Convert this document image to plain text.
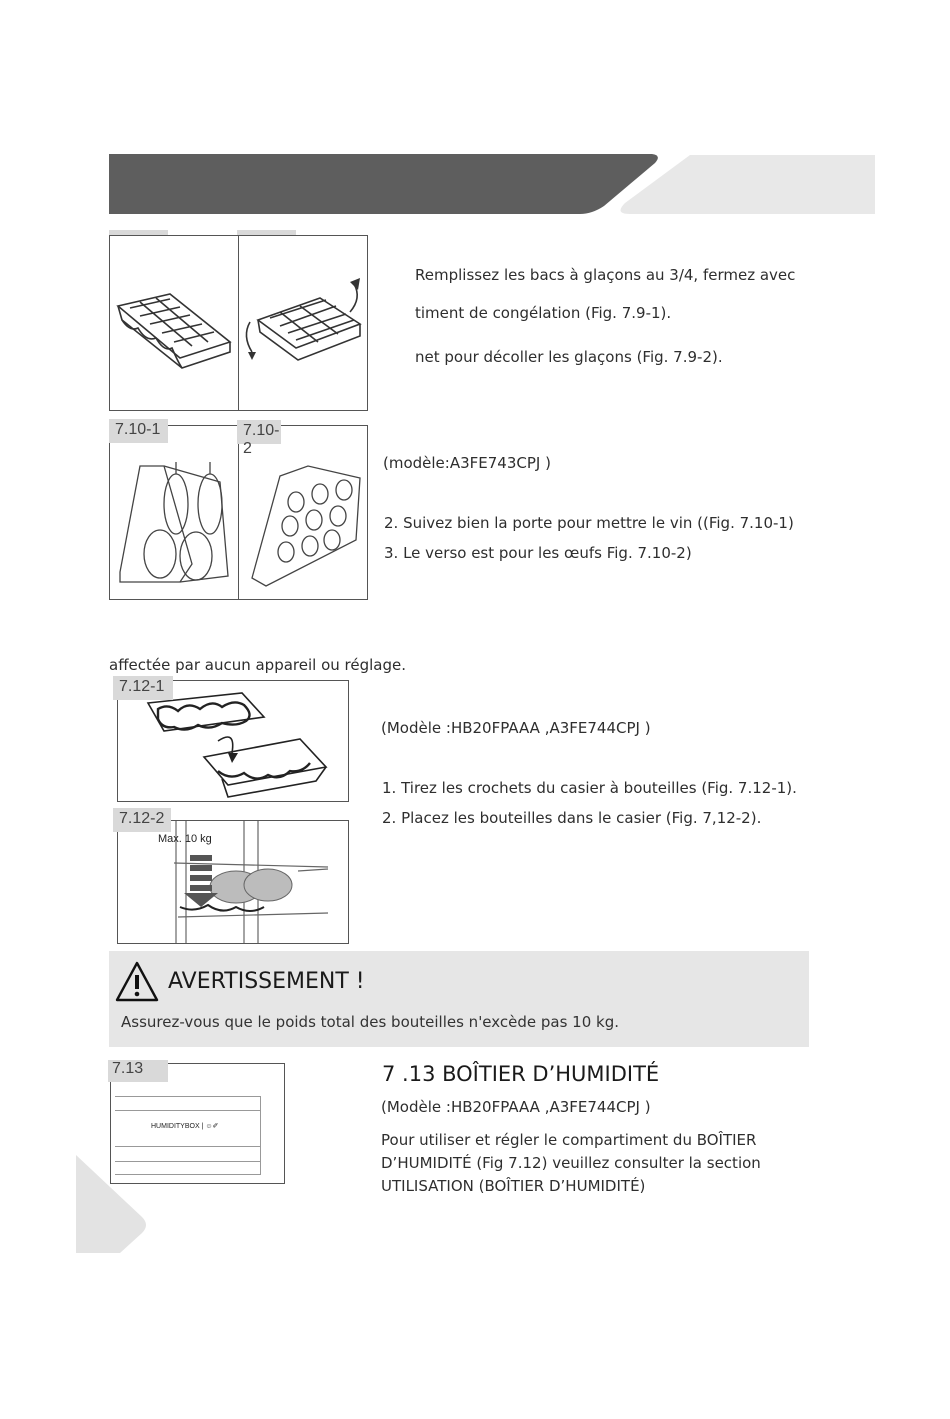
Remplissez les bacs à glaçons au 3/4, fermez avec
timent de congélation (Fig. 7.9-1).
net pour décoller les glaçons (Fig. 7.9-2).
7.10-1	7.10-2
(modèle:A3FE743CPJ )
2. Suivez bien la porte pour mettre le vin ((Fig. 7.10-1)
3. Le verso est pour les œufs Fig. 7.10-2)
affectée par aucun appareil ou réglage.
7.12-1
Max. 10 kg
7.12-2
(Modèle :HB20FPAAA ,A3FE744CPJ )
1. Tirez les crochets du casier à bouteilles (Fig. 7.12-1).
2. Placez les bouteilles dans le casier (Fig. 7,12-2).
AVERTISSEMENT !
Assurez-vous que le poids total des bouteilles n'excède pas 10 kg.
HUMIDITYBOX | ☺✐
7.13	7 .13 BOÎTIER D’HUMIDITÉ
(Modèle :HB20FPAAA ,A3FE744CPJ )
Pour utiliser et régler le compartiment du BOÎTIER
D’HUMIDITÉ (Fig 7.12) veuillez consulter la section
UTILISATION (BOÎTIER D’HUMIDITÉ)
